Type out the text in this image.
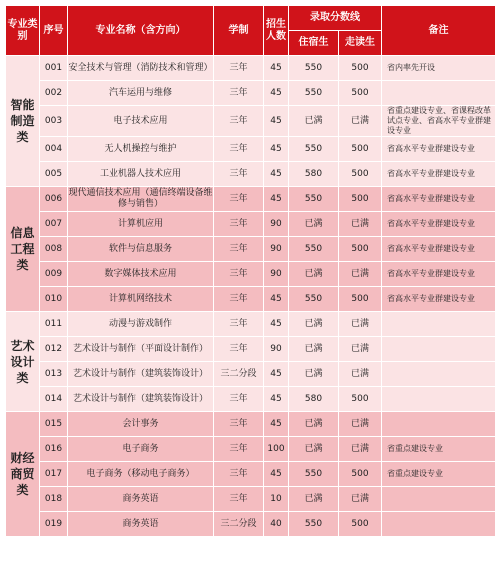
专业类别	序号	专业名称（含方向）	学制	招生人数	录取分数线		备注
					住宿生	走读生	
智能制造类	001	安全技术与管理（消防技术和管理）	三年	45	550	500	省内率先开设
	002	汽车运用与维修	三年	45	550	500	
	003	电子技术应用	三年	45	已满	已满	省重点建设专业、省课程改革试点专业、省高水平专业群建设专业
	004	无人机操控与维护	三年	45	550	500	省高水平专业群建设专业
	005	工业机器人技术应用	三年	45	580	500	省高水平专业群建设专业
信息工程类	006	现代通信技术应用（通信终端设备维修与销售）	三年	45	550	500	省高水平专业群建设专业
	007	计算机应用	三年	90	已满	已满	省高水平专业群建设专业
	008	软件与信息服务	三年	90	550	500	省高水平专业群建设专业
	009	数字媒体技术应用	三年	90	已满	已满	省高水平专业群建设专业
	010	计算机网络技术	三年	45	550	500	省高水平专业群建设专业
艺术设计类	011	动漫与游戏制作	三年	45	已满	已满	
	012	艺术设计与制作（平面设计制作）	三年	90	已满	已满	
	013	艺术设计与制作（建筑装饰设计）	三二分段	45	已满	已满	
	014	艺术设计与制作（建筑装饰设计）	三年	45	580	500	
财经商贸类	015	会计事务	三年	45	已满	已满	
	016	电子商务	三年	100	已满	已满	省重点建设专业
	017	电子商务（移动电子商务）	三年	45	550	500	省重点建设专业
	018	商务英语	三年	10	已满	已满	
	019	商务英语	三二分段	40	550	500	
